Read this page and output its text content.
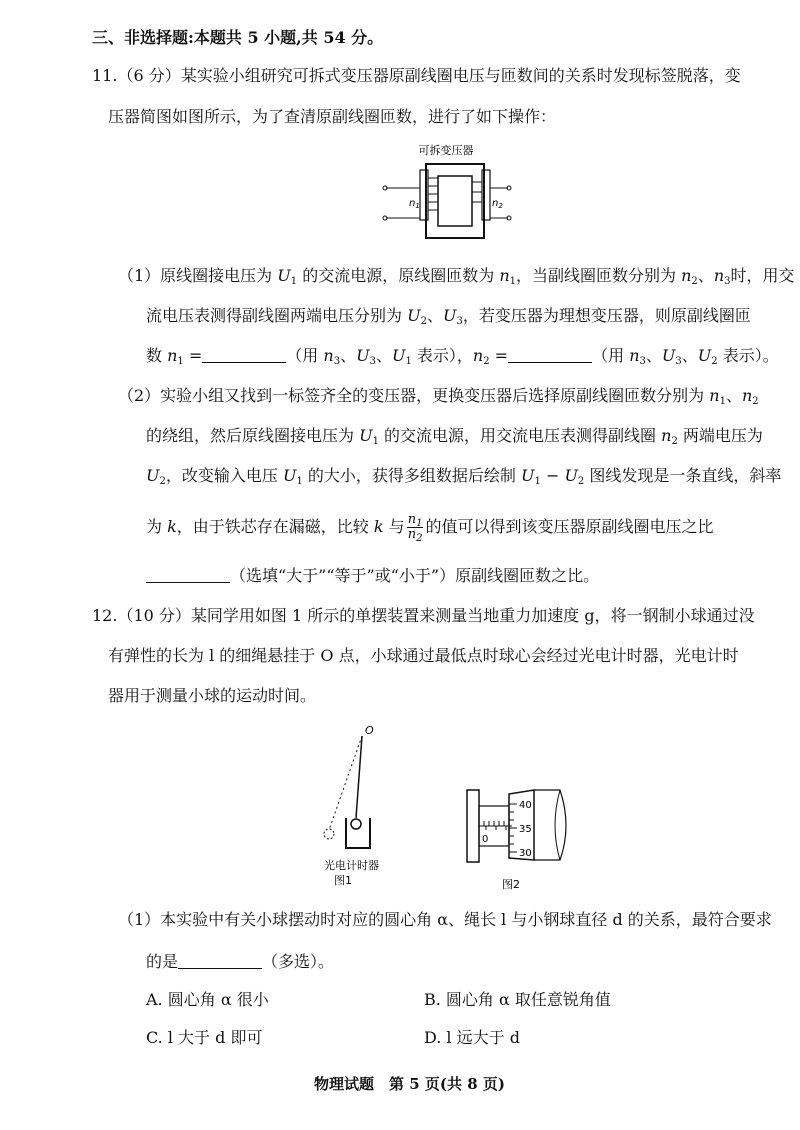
三、非选择题:本题共 5 小题,共 54 分。
11.（6 分）某实验小组研究可拆式变压器原副线圈电压与匝数间的关系时发现标签脱落，变
压器简图如图所示，为了查清原副线圈匝数，进行了如下操作：
可拆变压器
$n_1$	$n_2$
（1）原线圈接电压为 $U_1$ 的交流电源，原线圈匝数为 $n_1$，当副线圈匝数分别为 $n_2$、$n_3$时，用交
流电压表测得副线圈两端电压分别为 $U_2$、$U_3$，若变压器为理想变压器，则原副线圈匝
数 $n_1$ =	（用 $n_3$、$U_3$、$U_1$ 表示），$n_2$ =	（用 $n_3$、$U_3$、$U_2$ 表示）。
（2）实验小组又找到一标签齐全的变压器，更换变压器后选择原副线圈匝数分别为 $n_1$、$n_2$
的绕组，然后原线圈接电压为 $U_1$ 的交流电源，用交流电压表测得副线圈 $n_2$ 两端电压为
$U_2$，改变输入电压 $U_1$ 的大小，获得多组数据后绘制 $U_1 - U_2$ 图线发现是一条直线，斜率
为 k，由于铁芯存在漏磁，比较 k 与 $\frac{n_1}{n_2}$ 的值可以得到该变压器原副线圈电压之比
（选填“大于”“等于”或“小于”）原副线圈匝数之比。
12.（10 分）某同学用如图 1 所示的单摆装置来测量当地重力加速度 g，将一钢制小球通过没
有弹性的长为 l 的细绳悬挂于 O 点，小球通过最低点时球心会经过光电计时器，光电计时
器用于测量小球的运动时间。
O
光电计时器
图1
0
40
35
30
图2
（1）本实验中有关小球摆动时对应的圆心角 α、绳长 l 与小钢球直径 d 的关系，最符合要求
的是	（多选）。
A. 圆心角 α 很小	B. 圆心角 α 取任意锐角值
C. l 大于 d 即可	D. l 远大于 d
物理试题　第 5 页(共 8 页)
